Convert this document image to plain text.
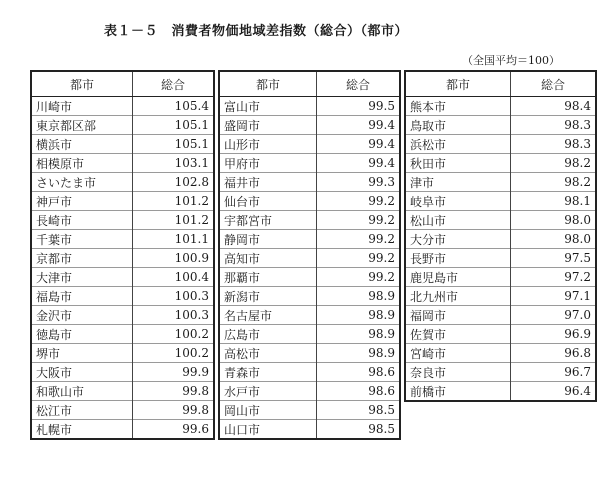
表１－５　消費者物価地域差指数（総合）（都市）
（全国平均＝100）
都市	総合
川崎市	105.4
東京都区部	105.1
横浜市	105.1
相模原市	103.1
さいたま市	102.8
神戸市	101.2
長崎市	101.2
千葉市	101.1
京都市	100.9
大津市	100.4
福島市	100.3
金沢市	100.3
徳島市	100.2
堺市	100.2
大阪市	99.9
和歌山市	99.8
松江市	99.8
札幌市	99.6
都市	総合
富山市	99.5
盛岡市	99.4
山形市	99.4
甲府市	99.4
福井市	99.3
仙台市	99.2
宇都宮市	99.2
静岡市	99.2
高知市	99.2
那覇市	99.2
新潟市	98.9
名古屋市	98.9
広島市	98.9
高松市	98.9
青森市	98.6
水戸市	98.6
岡山市	98.5
山口市	98.5
都市	総合
熊本市	98.4
鳥取市	98.3
浜松市	98.3
秋田市	98.2
津市	98.2
岐阜市	98.1
松山市	98.0
大分市	98.0
長野市	97.5
鹿児島市	97.2
北九州市	97.1
福岡市	97.0
佐賀市	96.9
宮崎市	96.8
奈良市	96.7
前橋市	96.4
